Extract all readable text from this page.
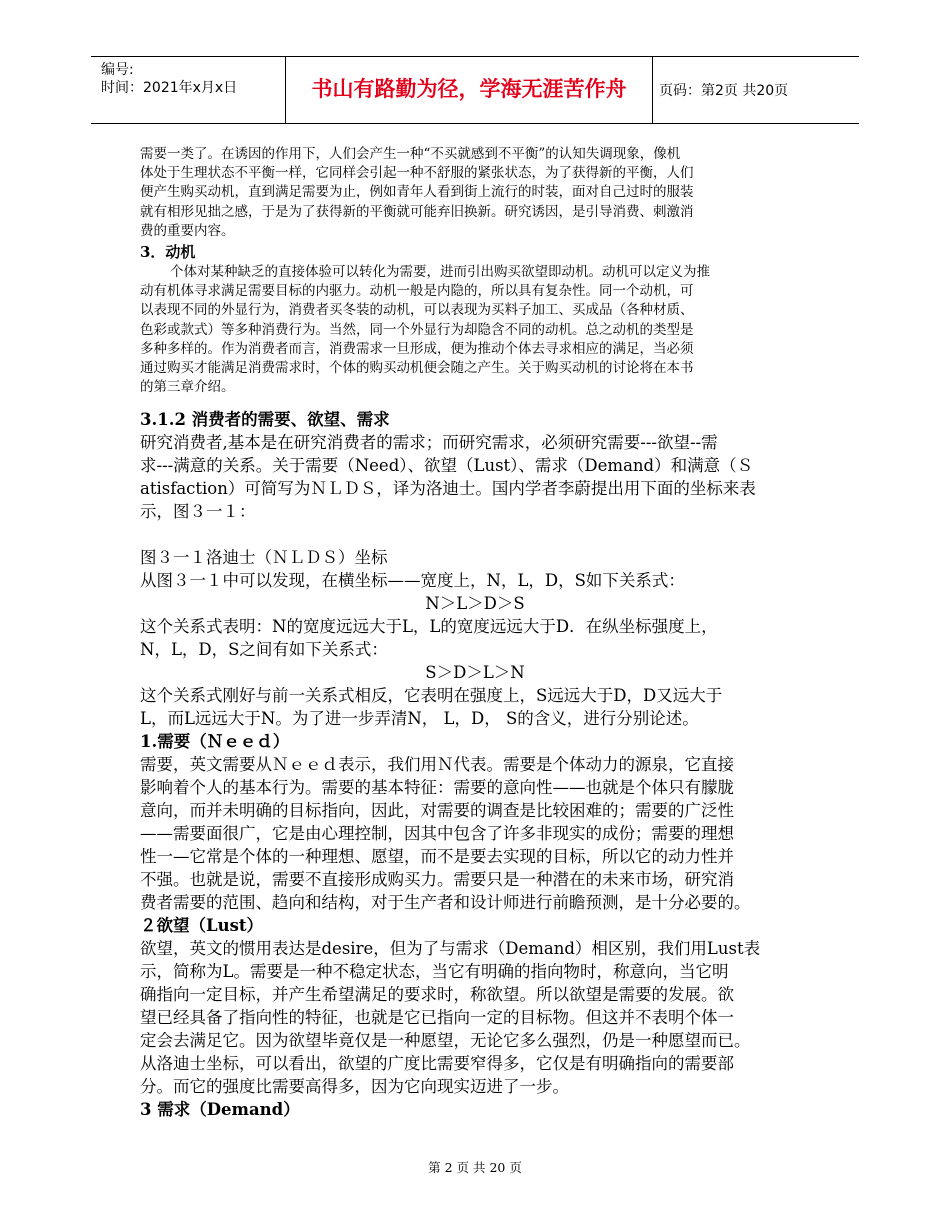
编号:
时间：2021年x月x日	书山有路勤为径，学海无涯苦作舟	页码：第2页 共20页

需要一类了。在诱因的作用下，人们会产生一种“不买就感到不平衡”的认知失调现象，像机

体处于生理状态不平衡一样，它同样会引起一种不舒服的紧张状态，为了获得新的平衡，人们

便产生购买动机，直到满足需要为止，例如青年人看到街上流行的时装，面对自己过时的服装

就有相形见拙之感，于是为了获得新的平衡就可能弃旧换新。研究诱因，是引导消费、刺激消

费的重要内容。

3．动机

个体对某种缺乏的直接体验可以转化为需要，进而引出购买欲望即动机。动机可以定义为推

动有机体寻求满足需要目标的内驱力。动机一般是内隐的，所以具有复杂性。同一个动机，可

以表现不同的外显行为，消费者买冬装的动机，可以表现为买料子加工、买成品（各种材质、

色彩或款式）等多种消费行为。当然，同一个外显行为却隐含不同的动机。总之动机的类型是

多种多样的。作为消费者而言，消费需求一旦形成，便为推动个体去寻求相应的满足，当必须

通过购买才能满足消费需求时，个体的购买动机便会随之产生。关于购买动机的讨论将在本书

的第三章介绍。

3.1.2 消费者的需要、欲望、需求

研究消费者,基本是在研究消费者的需求；而研究需求，必须研究需要---欲望--需

求---满意的关系。关于需要（Need）、欲望（Lust）、需求（Demand）和满意（Ｓ

atisfaction）可简写为ＮＬＤＳ，译为洛迪士。国内学者李蔚提出用下面的坐标来表

示，图３一１：

图３一１洛迪士（ＮＬＤＳ）坐标

从图３一１中可以发现，在横坐标——宽度上，N，L，D，S如下关系式：

N＞L＞D＞S

这个关系式表明：N的宽度远远大于L，L的宽度远远大于D．在纵坐标强度上，

N，L，D，S之间有如下关系式：

S＞D＞L＞N

这个关系式刚好与前一关系式相反，它表明在强度上，S远远大于D，D又远大于

L，而L远远大于N。为了进一步弄清N， L，D， S的含义，进行分别论述。

1.需要（Ｎｅｅｄ）

需要，英文需要从Ｎｅｅｄ表示，我们用Ｎ代表。需要是个体动力的源泉，它直接

影响着个人的基本行为。需要的基本特征：需要的意向性——也就是个体只有朦胧

意向，而并未明确的目标指向，因此，对需要的调查是比较困难的；需要的广泛性

——需要面很广，它是由心理控制，因其中包含了许多非现实的成份；需要的理想

性一—它常是个体的一种理想、愿望，而不是要去实现的目标，所以它的动力性并

不强。也就是说，需要不直接形成购买力。需要只是一种潜在的未来市场，研究消

费者需要的范围、趋向和结构，对于生产者和设计师进行前瞻预测，是十分必要的。

２欲望（Lust）

欲望，英文的惯用表达是desire，但为了与需求（Demand）相区别，我们用Lust表

示，简称为L。需要是一种不稳定状态，当它有明确的指向物时，称意向，当它明

确指向一定目标，并产生希望满足的要求时，称欲望。所以欲望是需要的发展。欲

望已经具备了指向性的特征，也就是它已指向一定的目标物。但这并不表明个体一

定会去满足它。因为欲望毕竟仅是一种愿望，无论它多么强烈，仍是一种愿望而已。

从洛迪士坐标，可以看出，欲望的广度比需要窄得多，它仅是有明确指向的需要部

分。而它的强度比需要高得多，因为它向现实迈进了一步。

3 需求（Demand）

第 2 页 共 20 页
